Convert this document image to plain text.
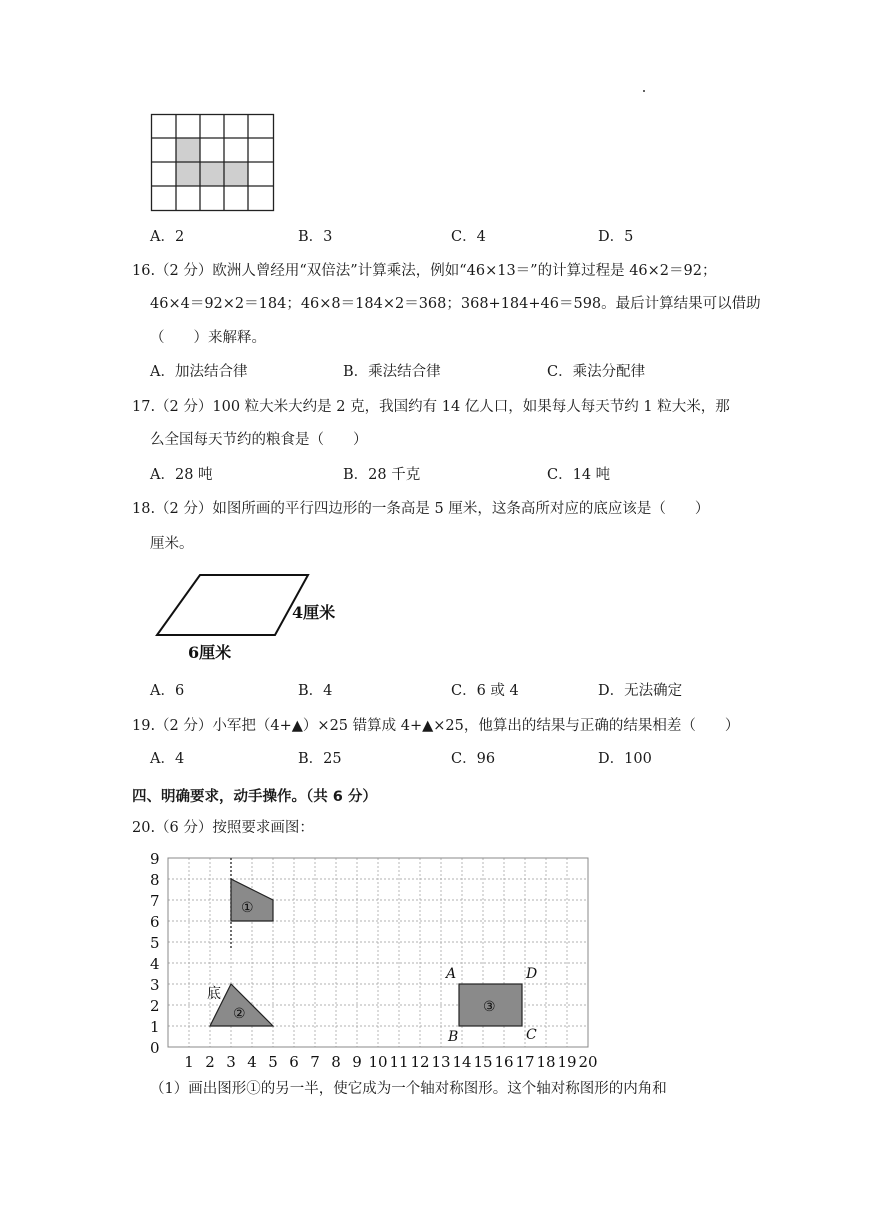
A．2	B．3	C．4	D．5
16.（2 分）欧洲人曾经用“双倍法”计算乘法，例如“46×13＝”的计算过程是 46×2＝92；
46×4＝92×2＝184；46×8＝184×2＝368；368+184+46＝598。最后计算结果可以借助
（　　）来解释。
A．加法结合律	B．乘法结合律	C．乘法分配律
17.（2 分）100 粒大米大约是 2 克，我国约有 14 亿人口，如果每人每天节约 1 粒大米，那
么全国每天节约的粮食是（　　）
A．28 吨	B．28 千克	C．14 吨
18.（2 分）如图所画的平行四边形的一条高是 5 厘米，这条高所对应的底应该是（　　）
厘米。
4厘米
6厘米
A．6	B．4	C．6 或 4	D．无法确定
19.（2 分）小军把（4+▲）×25 错算成 4+▲×25，他算出的结果与正确的结果相差（　　）
A．4	B．25	C．96	D．100
四、明确要求，动手操作。（共 6 分）
20.（6 分）按照要求画图：
0
1
2
3
4
5
6
7
8
9
1 2 3 4 5 6 7 8 9 10 11 12 13 14 15 16 17 18 19 20
①
②
底
③
A
B	C
D
（1）画出图形①的另一半，使它成为一个轴对称图形。这个轴对称图形的内角和
